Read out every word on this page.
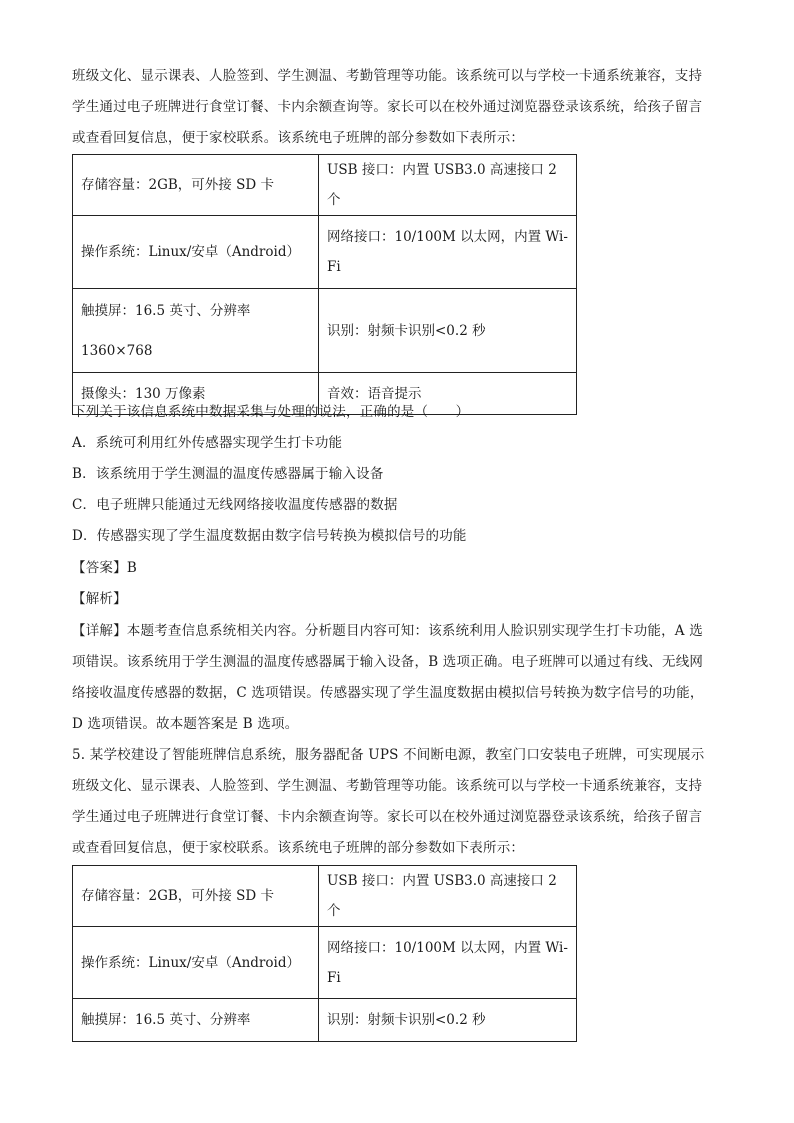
班级文化、显示课表、人脸签到、学生测温、考勤管理等功能。该系统可以与学校一卡通系统兼容，支持
学生通过电子班牌进行食堂订餐、卡内余额查询等。家长可以在校外通过浏览器登录该系统，给孩子留言
或查看回复信息，便于家校联系。该系统电子班牌的部分参数如下表所示：
存储容量：2GB，可外接 SD 卡	USB 接口：内置 USB3.0 高速接口 2 个

操作系统：Linux/安卓（Android）	网络接口：10/100M 以太网，内置 Wi-
Fi

触摸屏：16.5 英寸、分辨率
1360×768	识别：射频卡识别<0.2 秒

摄像头：130 万像素	音效：语音提示
下列关于该信息系统中数据采集与处理的说法，正确的是（　　）
A．系统可利用红外传感器实现学生打卡功能
B．该系统用于学生测温的温度传感器属于输入设备
C．电子班牌只能通过无线网络接收温度传感器的数据
D．传感器实现了学生温度数据由数字信号转换为模拟信号的功能
【答案】B
【解析】
【详解】本题考查信息系统相关内容。分析题目内容可知：该系统利用人脸识别实现学生打卡功能，A 选
项错误。该系统用于学生测温的温度传感器属于输入设备，B 选项正确。电子班牌可以通过有线、无线网
络接收温度传感器的数据，C 选项错误。传感器实现了学生温度数据由模拟信号转换为数字信号的功能，
D 选项错误。故本题答案是 B 选项。
5. 某学校建设了智能班牌信息系统，服务器配备 UPS 不间断电源，教室门口安装电子班牌，可实现展示
班级文化、显示课表、人脸签到、学生测温、考勤管理等功能。该系统可以与学校一卡通系统兼容，支持
学生通过电子班牌进行食堂订餐、卡内余额查询等。家长可以在校外通过浏览器登录该系统，给孩子留言
或查看回复信息，便于家校联系。该系统电子班牌的部分参数如下表所示：
存储容量：2GB，可外接 SD 卡	USB 接口：内置 USB3.0 高速接口 2 个

操作系统：Linux/安卓（Android）	网络接口：10/100M 以太网，内置 Wi-
Fi

触摸屏：16.5 英寸、分辨率	识别：射频卡识别<0.2 秒
